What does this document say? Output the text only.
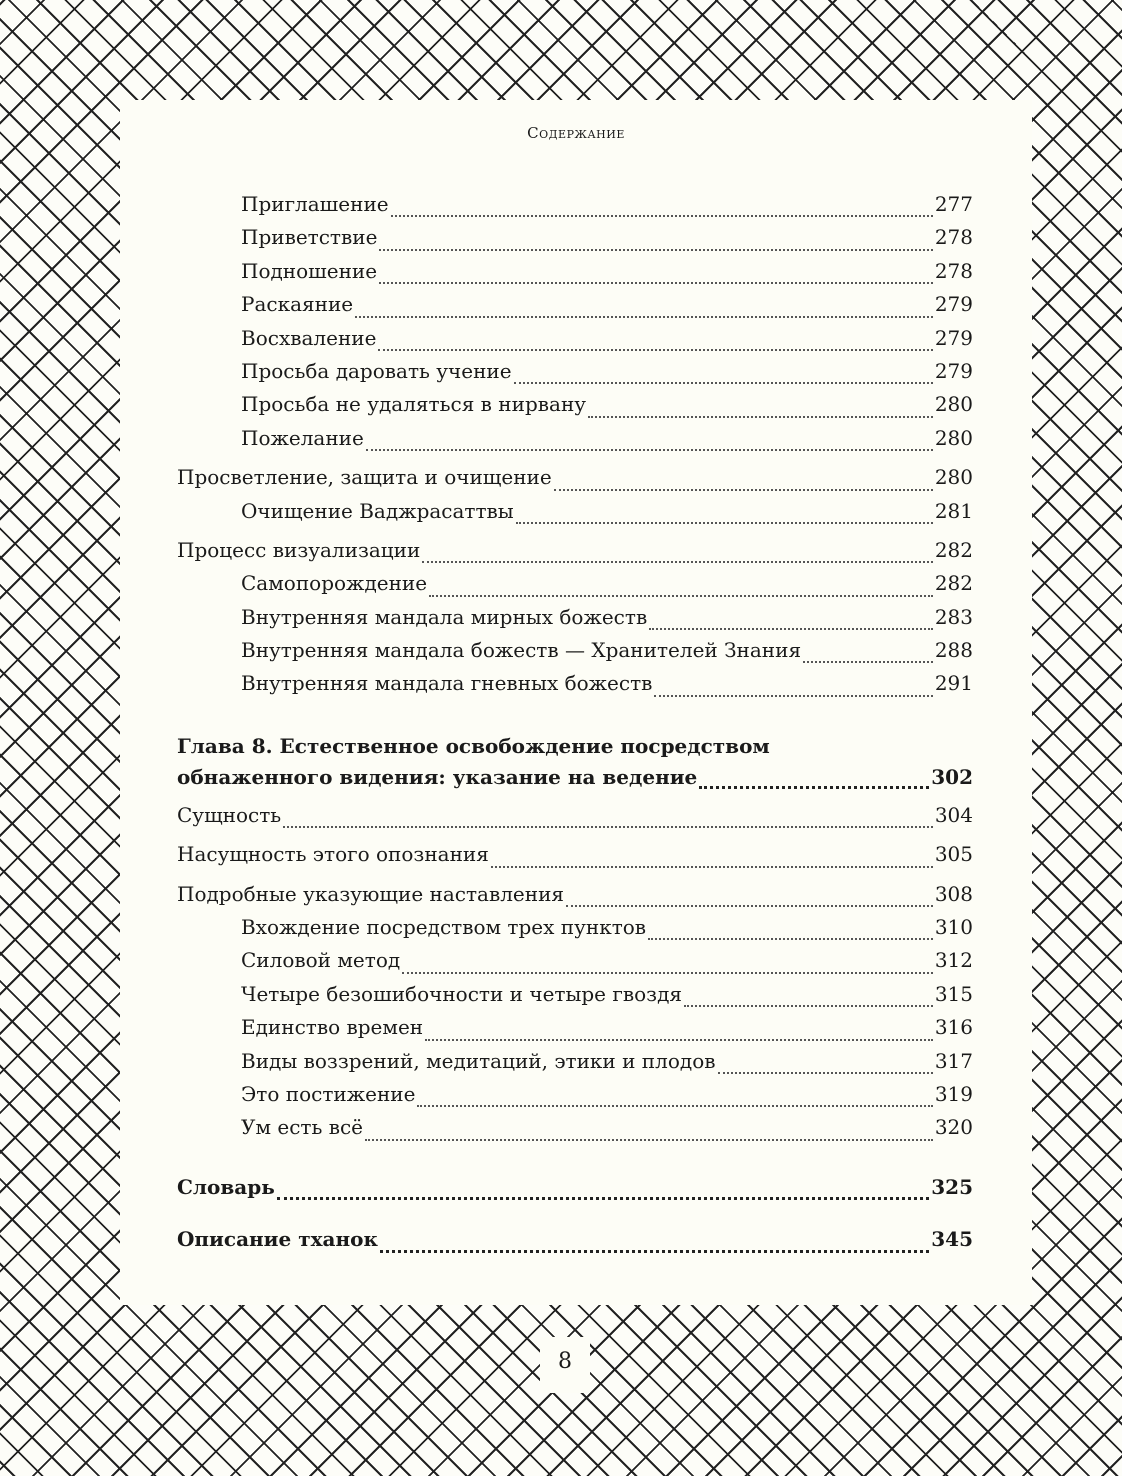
Содержание
Приглашение	277
Приветствие	278
Подношение	278
Раскаяние	279
Восхваление	279
Просьба даровать учение	279
Просьба не удаляться в нирвану	280
Пожелание	280
Просветление, защита и очищение	280
Очищение Ваджрасаттвы	281
Процесс визуализации	282
Самопорождение	282
Внутренняя мандала мирных божеств	283
Внутренняя мандала божеств — Хранителей Знания	288
Внутренняя мандала гневных божеств	291
Глава 8. Естественное освобождение посредством
обнаженного видения: указание на ведение	302
Сущность	304
Насущность этого опознания	305
Подробные указующие наставления	308
Вхождение посредством трех пунктов	310
Силовой метод	312
Четыре безошибочности и четыре гвоздя	315
Единство времен	316
Виды воззрений, медитаций, этики и плодов	317
Это постижение	319
Ум есть всё	320
Словарь	325
Описание тханок	345
8
